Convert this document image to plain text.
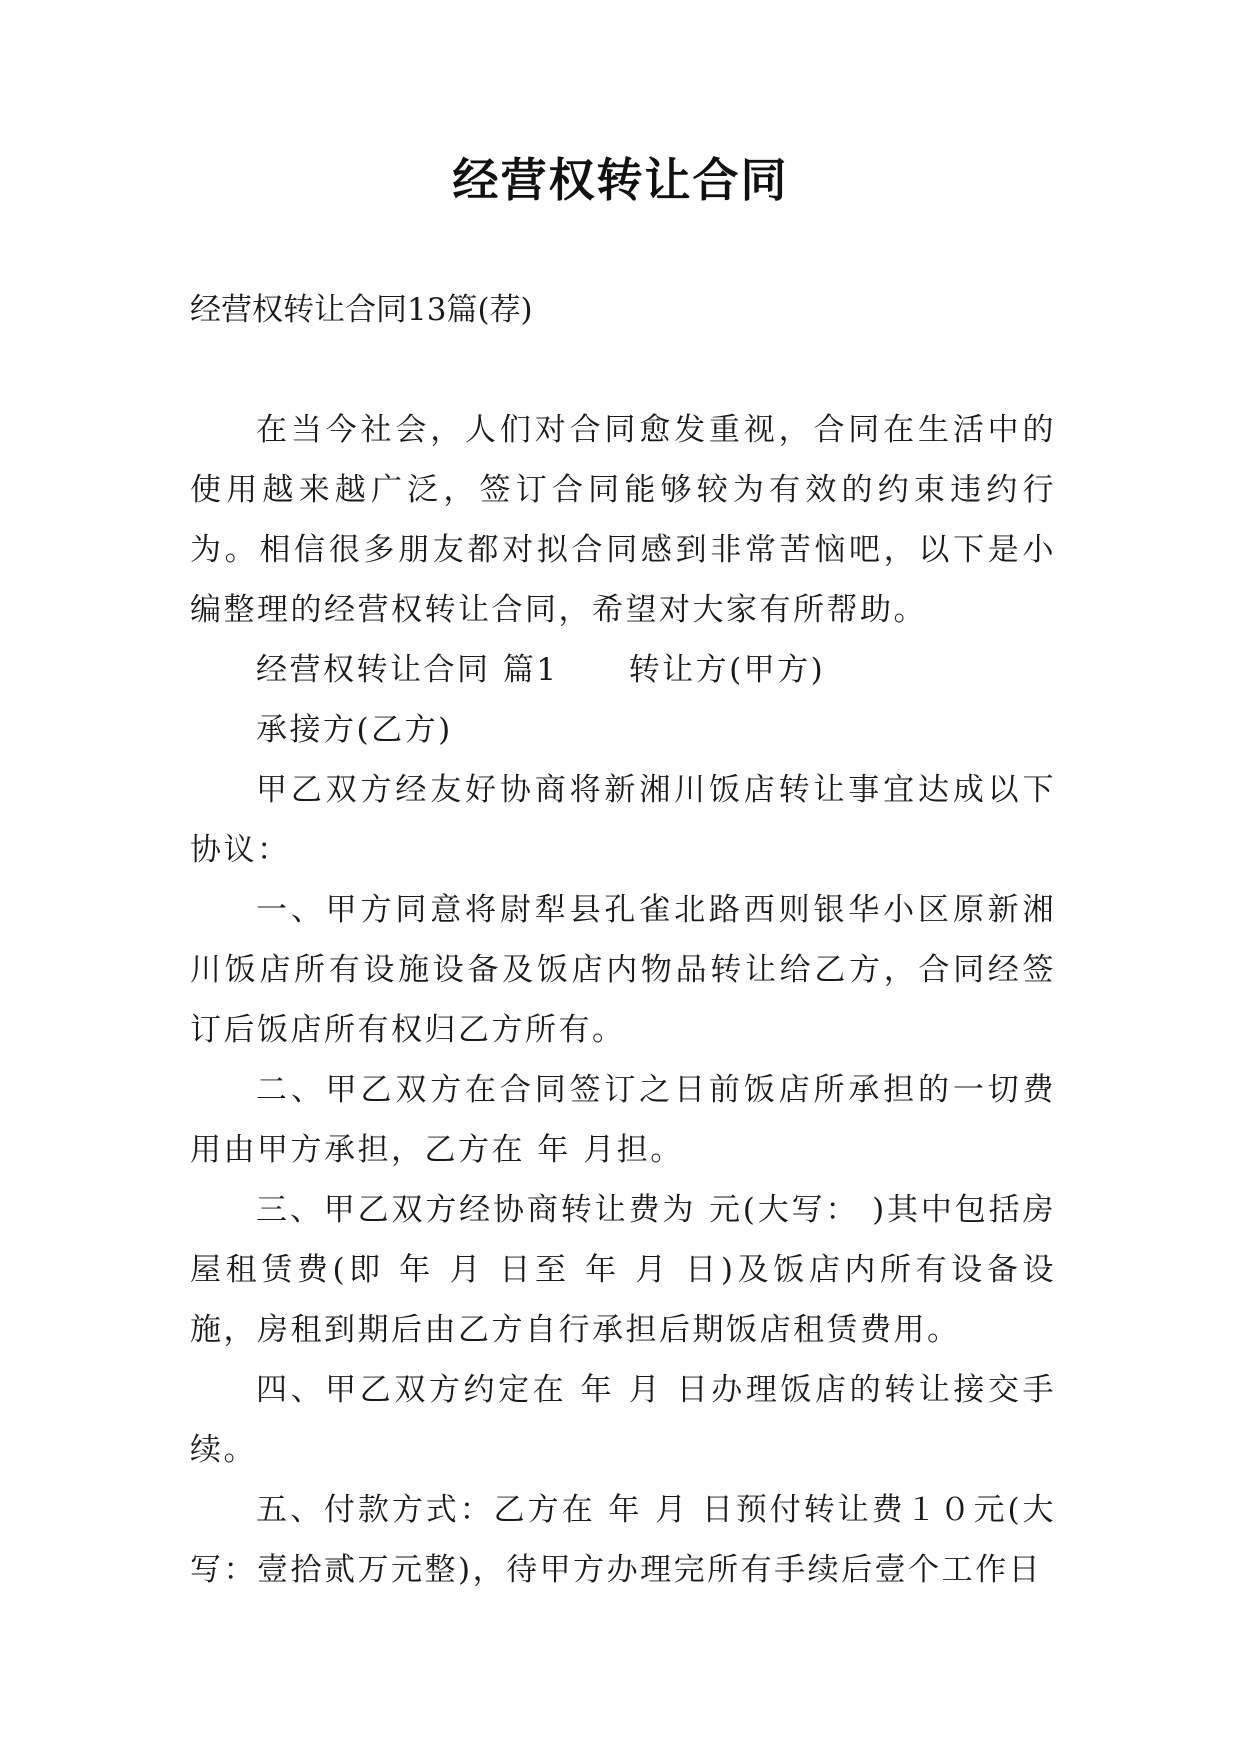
经营权转让合同
经营权转让合同13篇(荐)

在当今社会，人们对合同愈发重视，合同在生活中的使用越来越广泛，签订合同能够较为有效的约束违约行为。相信很多朋友都对拟合同感到非常苦恼吧，以下是小编整理的经营权转让合同，希望对大家有所帮助。

经营权转让合同 篇1 转让方(甲方)

承接方(乙方)

甲乙双方经友好协商将新湘川饭店转让事宜达成以下协议：

一、甲方同意将尉犁县孔雀北路西则银华小区原新湘川饭店所有设施设备及饭店内物品转让给乙方，合同经签订后饭店所有权归乙方所有。

二、甲乙双方在合同签订之日前饭店所承担的一切费用由甲方承担，乙方在 年 月担。

三、甲乙双方经协商转让费为 元(大写： )其中包括房屋租赁费(即 年 月 日至 年 月 日)及饭店内所有设备设施，房租到期后由乙方自行承担后期饭店租赁费用。

四、甲乙双方约定在 年 月 日办理饭店的转让接交手续。

五、付款方式：乙方在 年 月 日预付转让费１０元(大写：壹拾贰万元整)，待甲方办理完所有手续后壹个工作日
